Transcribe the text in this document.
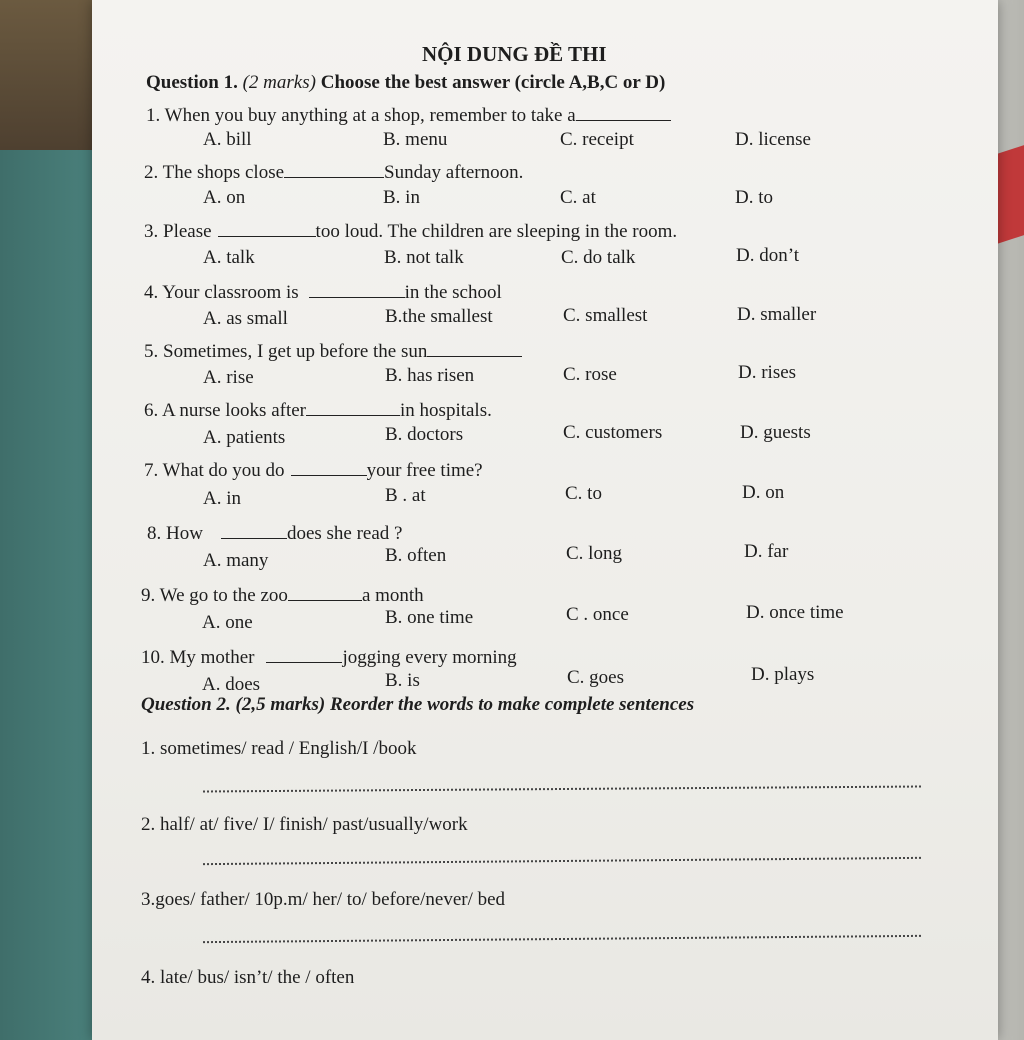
NỘI DUNG ĐỀ THI
Question 1. (2 marks) Choose the best answer (circle A,B,C or D)
1. When you buy anything at a shop, remember to take a
A. bill	B. menu	C. receipt	D. license
2. The shops close	Sunday afternoon.
A. on	B. in	C. at	D. to
3. Please	too loud. The children are sleeping in the room.
A. talk	B. not talk	C. do talk	D. don’t
4. Your classroom is	in the school
A. as small	B.the smallest	C. smallest	D. smaller
5. Sometimes, I get up before the sun
A. rise	B. has risen	C. rose	D. rises
6. A nurse looks after	in hospitals.
A. patients	B. doctors	C. customers	D. guests
7. What do you do	your free time?
A. in	B . at	C. to	D. on
8. How	does she read ?
A. many	B. often	C. long	D. far
9. We go to the zoo	a month
A. one	B. one time	C . once	D. once time
10. My mother	jogging every morning
A. does	B. is	C. goes	D. plays
Question 2. (2,5 marks) Reorder the words to make complete sentences
1. sometimes/ read / English/I /book
2. half/ at/ five/ I/ finish/ past/usually/work
3.goes/ father/ 10p.m/ her/ to/ before/never/ bed
4. late/ bus/ isn’t/ the / often
